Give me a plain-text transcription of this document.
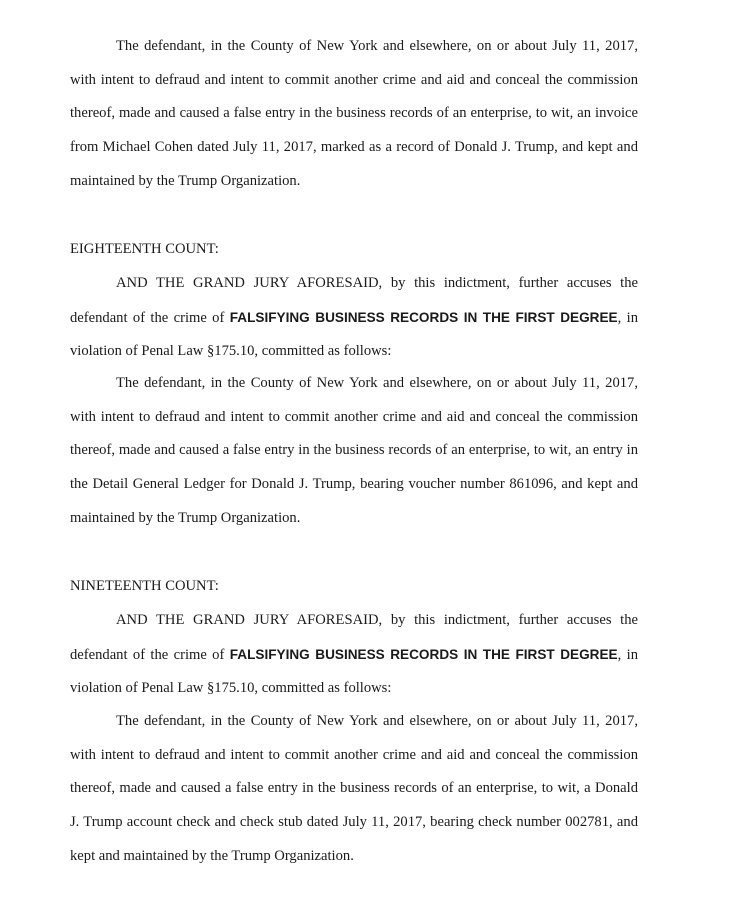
The defendant, in the County of New York and elsewhere, on or about July 11, 2017, with intent to defraud and intent to commit another crime and aid and conceal the commission thereof, made and caused a false entry in the business records of an enterprise, to wit, an invoice from Michael Cohen dated July 11, 2017, marked as a record of Donald J. Trump, and kept and maintained by the Trump Organization.

EIGHTEENTH COUNT:

AND THE GRAND JURY AFORESAID, by this indictment, further accuses the defendant of the crime of FALSIFYING BUSINESS RECORDS IN THE FIRST DEGREE, in violation of Penal Law §175.10, committed as follows:

The defendant, in the County of New York and elsewhere, on or about July 11, 2017, with intent to defraud and intent to commit another crime and aid and conceal the commission thereof, made and caused a false entry in the business records of an enterprise, to wit, an entry in the Detail General Ledger for Donald J. Trump, bearing voucher number 861096, and kept and maintained by the Trump Organization.

NINETEENTH COUNT:

AND THE GRAND JURY AFORESAID, by this indictment, further accuses the defendant of the crime of FALSIFYING BUSINESS RECORDS IN THE FIRST DEGREE, in violation of Penal Law §175.10, committed as follows:

The defendant, in the County of New York and elsewhere, on or about July 11, 2017, with intent to defraud and intent to commit another crime and aid and conceal the commission thereof, made and caused a false entry in the business records of an enterprise, to wit, a Donald J. Trump account check and check stub dated July 11, 2017, bearing check number 002781, and kept and maintained by the Trump Organization.
